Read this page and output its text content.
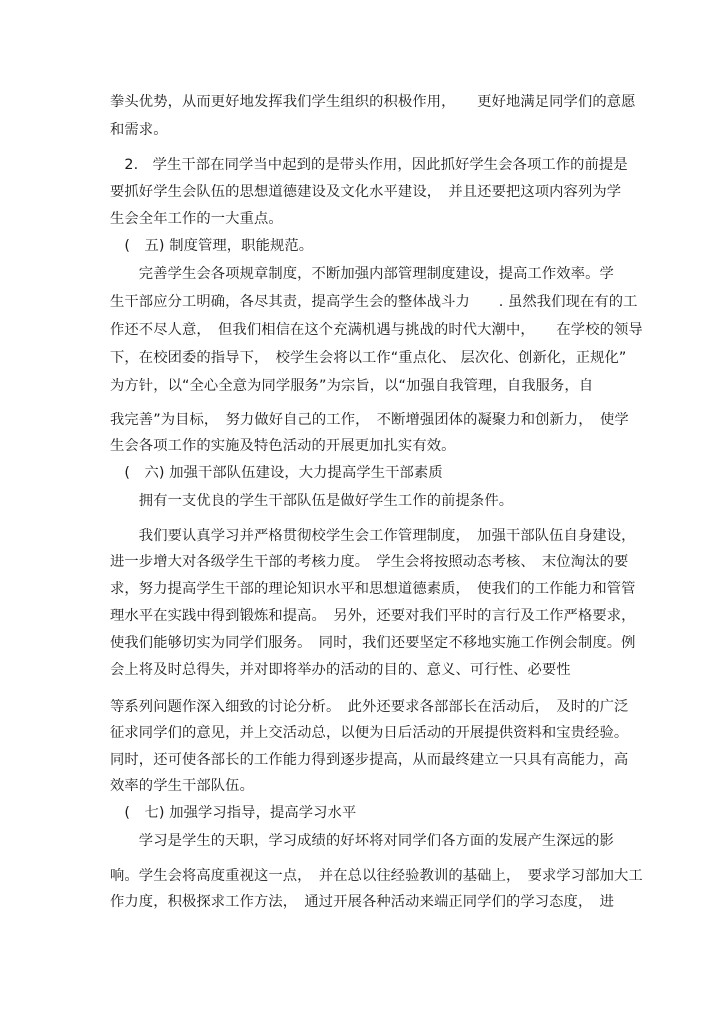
拳头优势，从而更好地发挥我们学生组织的积极作用，　　更好地满足同学们的意愿
和需求。
　2.　学生干部在同学当中起到的是带头作用，因此抓好学生会各项工作的前提是
要抓好学生会队伍的思想道德建设及文化水平建设，　并且还要把这项内容列为学
生会全年工作的一大重点。
　(　五) 制度管理，职能规范。
　　完善学生会各项规章制度，不断加强内部管理制度建设，提高工作效率。学
生干部应分工明确，各尽其责，提高学生会的整体战斗力　　. 虽然我们现在有的工
作还不尽人意，　但我们相信在这个充满机遇与挑战的时代大潮中，　　在学校的领导
下，在校团委的指导下，　校学生会将以工作“重点化、 层次化、创新化，正规化”
为方针，以“全心全意为同学服务”为宗旨，以“加强自我管理，自我服务，自
我完善”为目标，　努力做好自己的工作，　不断增强团体的凝聚力和创新力，　使学
生会各项工作的实施及特色活动的开展更加扎实有效。
　(　六) 加强干部队伍建设，大力提高学生干部素质
　　拥有一支优良的学生干部队伍是做好学生工作的前提条件。
　　我们要认真学习并严格贯彻校学生会工作管理制度，　加强干部队伍自身建设，
进一步增大对各级学生干部的考核力度。　学生会将按照动态考核、　末位淘汰的要
求，努力提高学生干部的理论知识水平和思想道德素质，　使我们的工作能力和管管
理水平在实践中得到锻炼和提高。　另外，还要对我们平时的言行及工作严格要求，
使我们能够切实为同学们服务。　同时，我们还要坚定不移地实施工作例会制度。例
会上将及时总得失，并对即将举办的活动的目的、意义、可行性、必要性
等系列问题作深入细致的讨论分析。　此外还要求各部部长在活动后，　及时的广泛
征求同学们的意见，并上交活动总，以便为日后活动的开展提供资料和宝贵经验。
同时，还可使各部长的工作能力得到逐步提高，从而最终建立一只具有高能力，高
效率的学生干部队伍。
　(　七) 加强学习指导，提高学习水平
　　学习是学生的天职，学习成绩的好坏将对同学们各方面的发展产生深远的影
响。学生会将高度重视这一点，　并在总以往经验教训的基础上，　要求学习部加大工
作力度，积极探求工作方法，　通过开展各种活动来端正同学们的学习态度，　进
